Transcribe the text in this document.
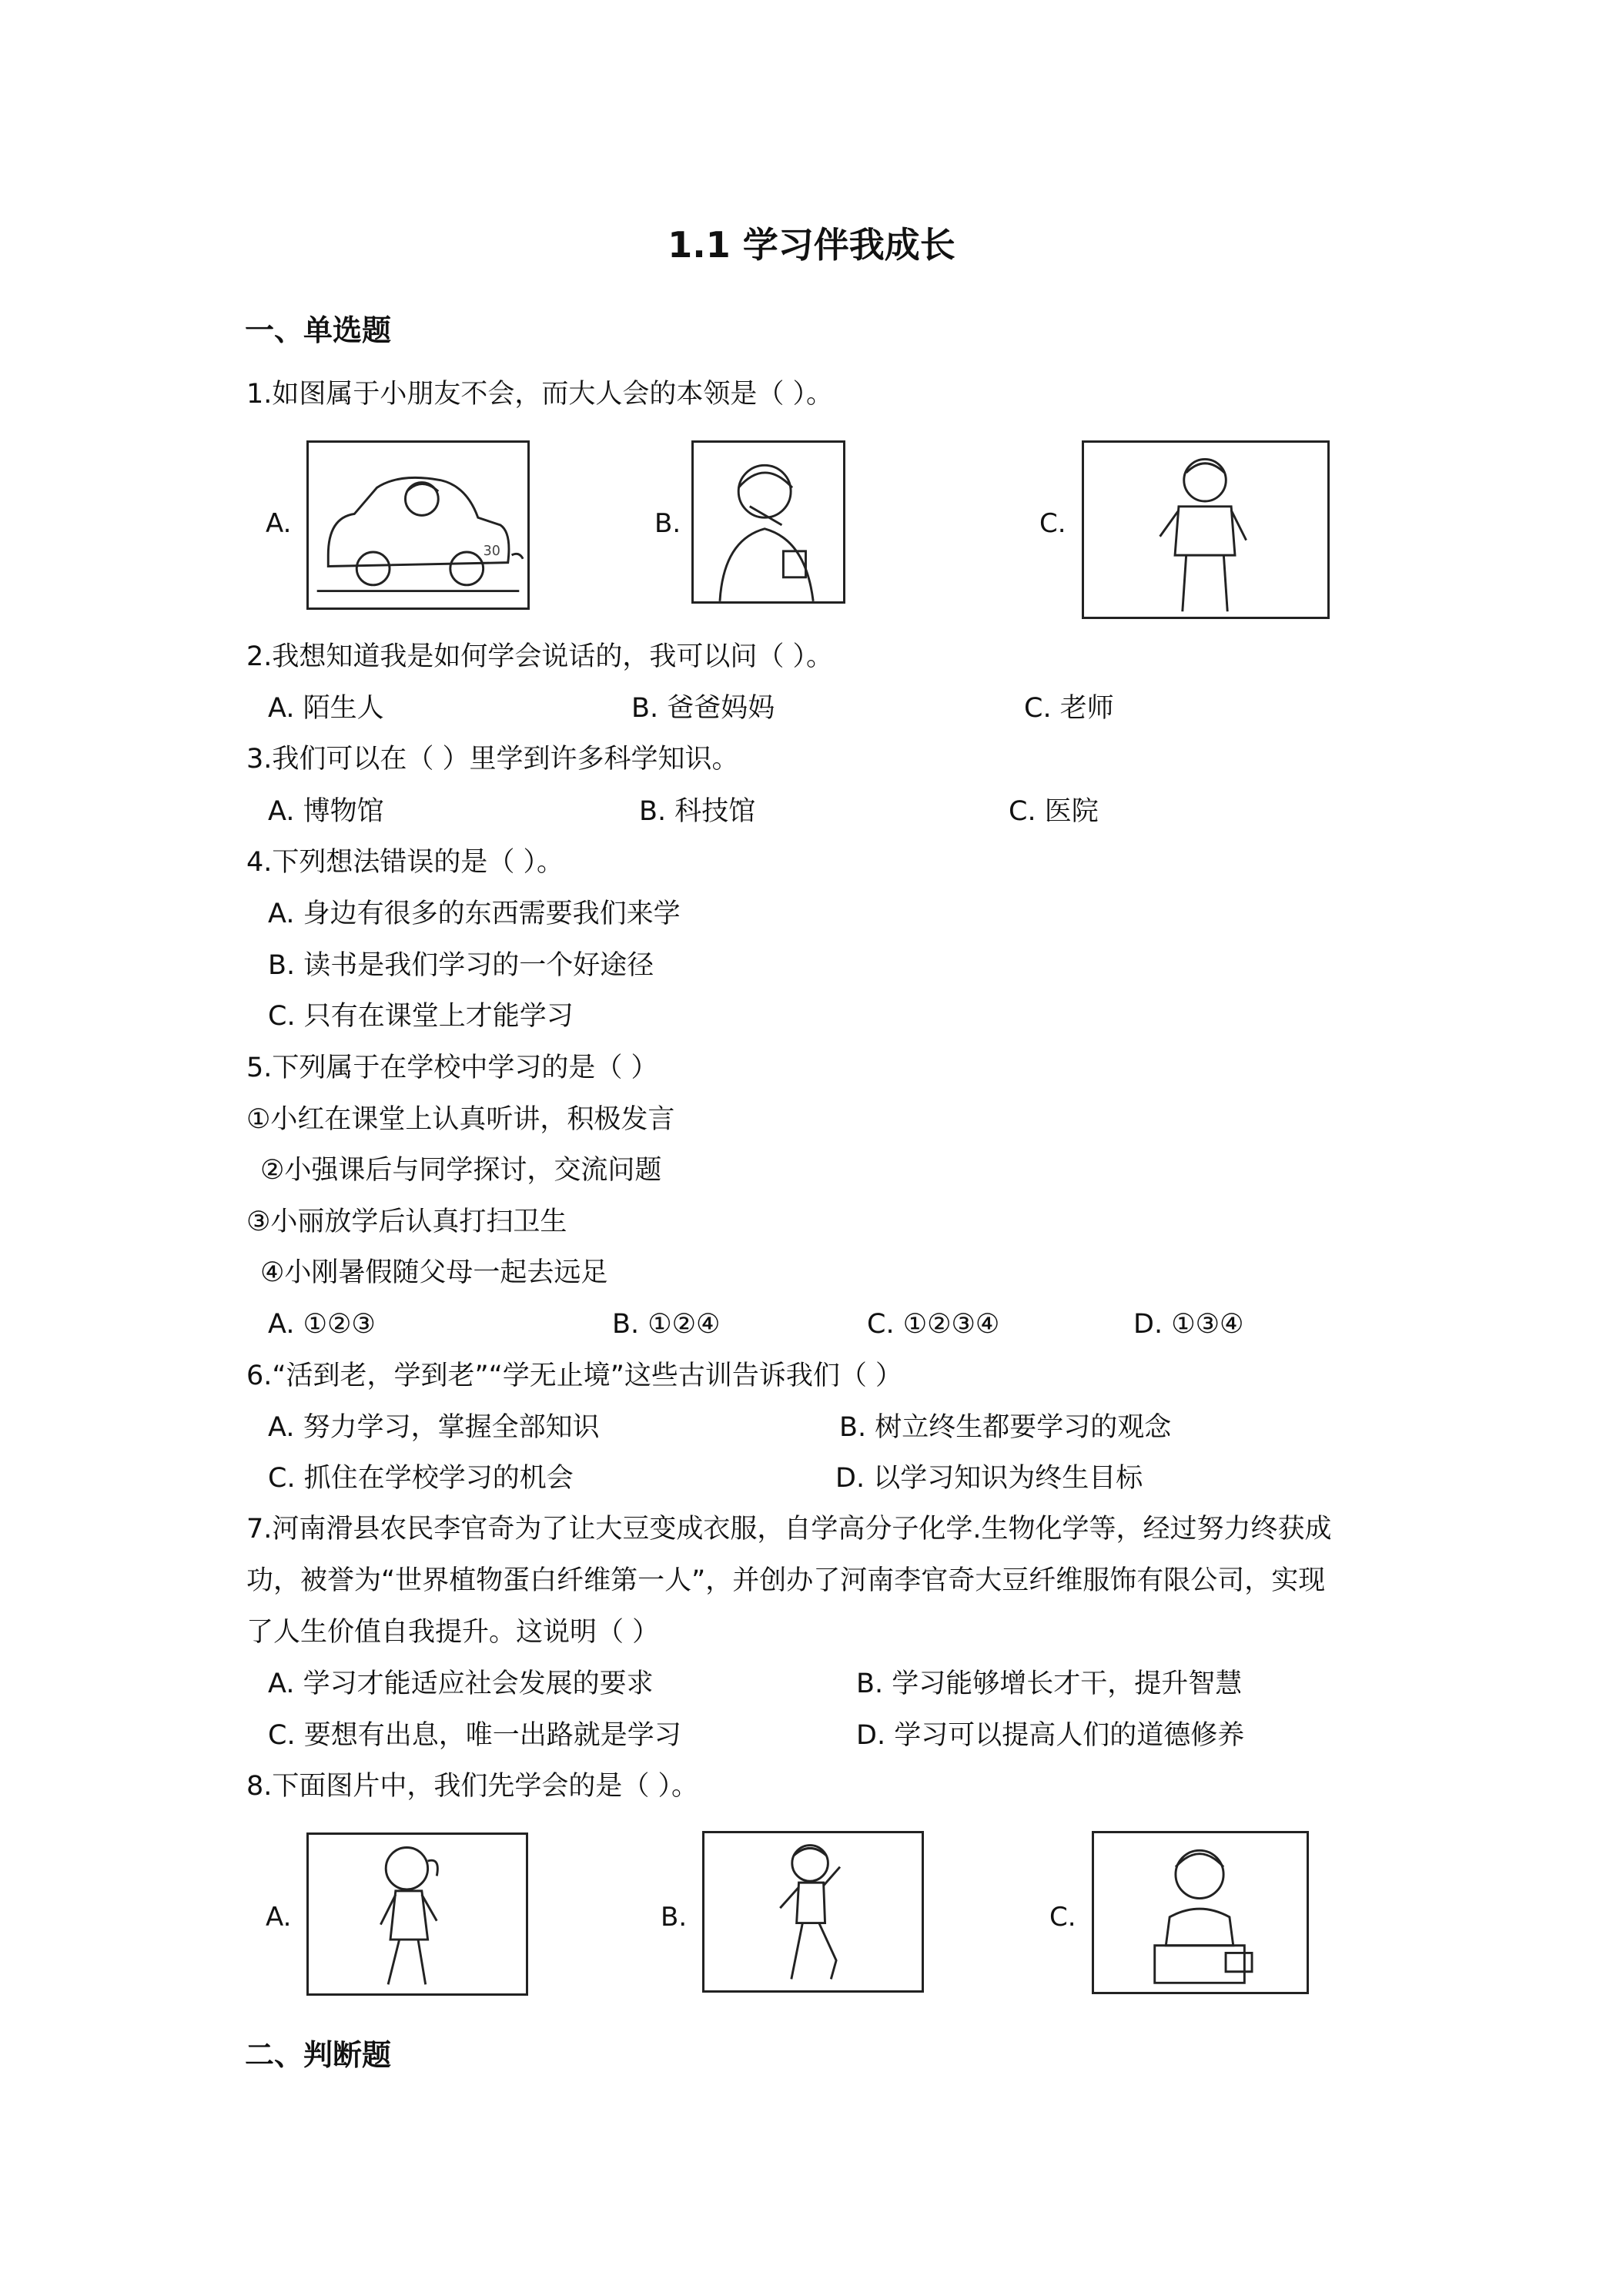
1.1 学习伴我成长
一、单选题
1.如图属于小朋友不会，而大人会的本领是（ ）。
A.
30
B.	C.
2.我想知道我是如何学会说话的，我可以问（ ）。
A. 陌生人	B. 爸爸妈妈	C. 老师
3.我们可以在（ ）里学到许多科学知识。
A. 博物馆	B. 科技馆	C. 医院
4.下列想法错误的是（ ）。
A. 身边有很多的东西需要我们来学
B. 读书是我们学习的一个好途径
C. 只有在课堂上才能学习
5.下列属于在学校中学习的是（ ）
①小红在课堂上认真听讲，积极发言
②小强课后与同学探讨，交流问题
③小丽放学后认真打扫卫生
④小刚暑假随父母一起去远足
A. ①②③	B. ①②④	C. ①②③④	D. ①③④
6.“活到老，学到老”“学无止境”这些古训告诉我们（ ）
A. 努力学习，掌握全部知识	B. 树立终生都要学习的观念
C. 抓住在学校学习的机会	D. 以学习知识为终生目标
7.河南滑县农民李官奇为了让大豆变成衣服，自学高分子化学.生物化学等，经过努力终获成
功，被誉为“世界植物蛋白纤维第一人”，并创办了河南李官奇大豆纤维服饰有限公司，实现
了人生价值自我提升。这说明（ ）
A. 学习才能适应社会发展的要求	B. 学习能够增长才干，提升智慧
C. 要想有出息，唯一出路就是学习	D. 学习可以提高人们的道德修养
8.下面图片中，我们先学会的是（ ）。
A.	B.	C.
二、判断题
